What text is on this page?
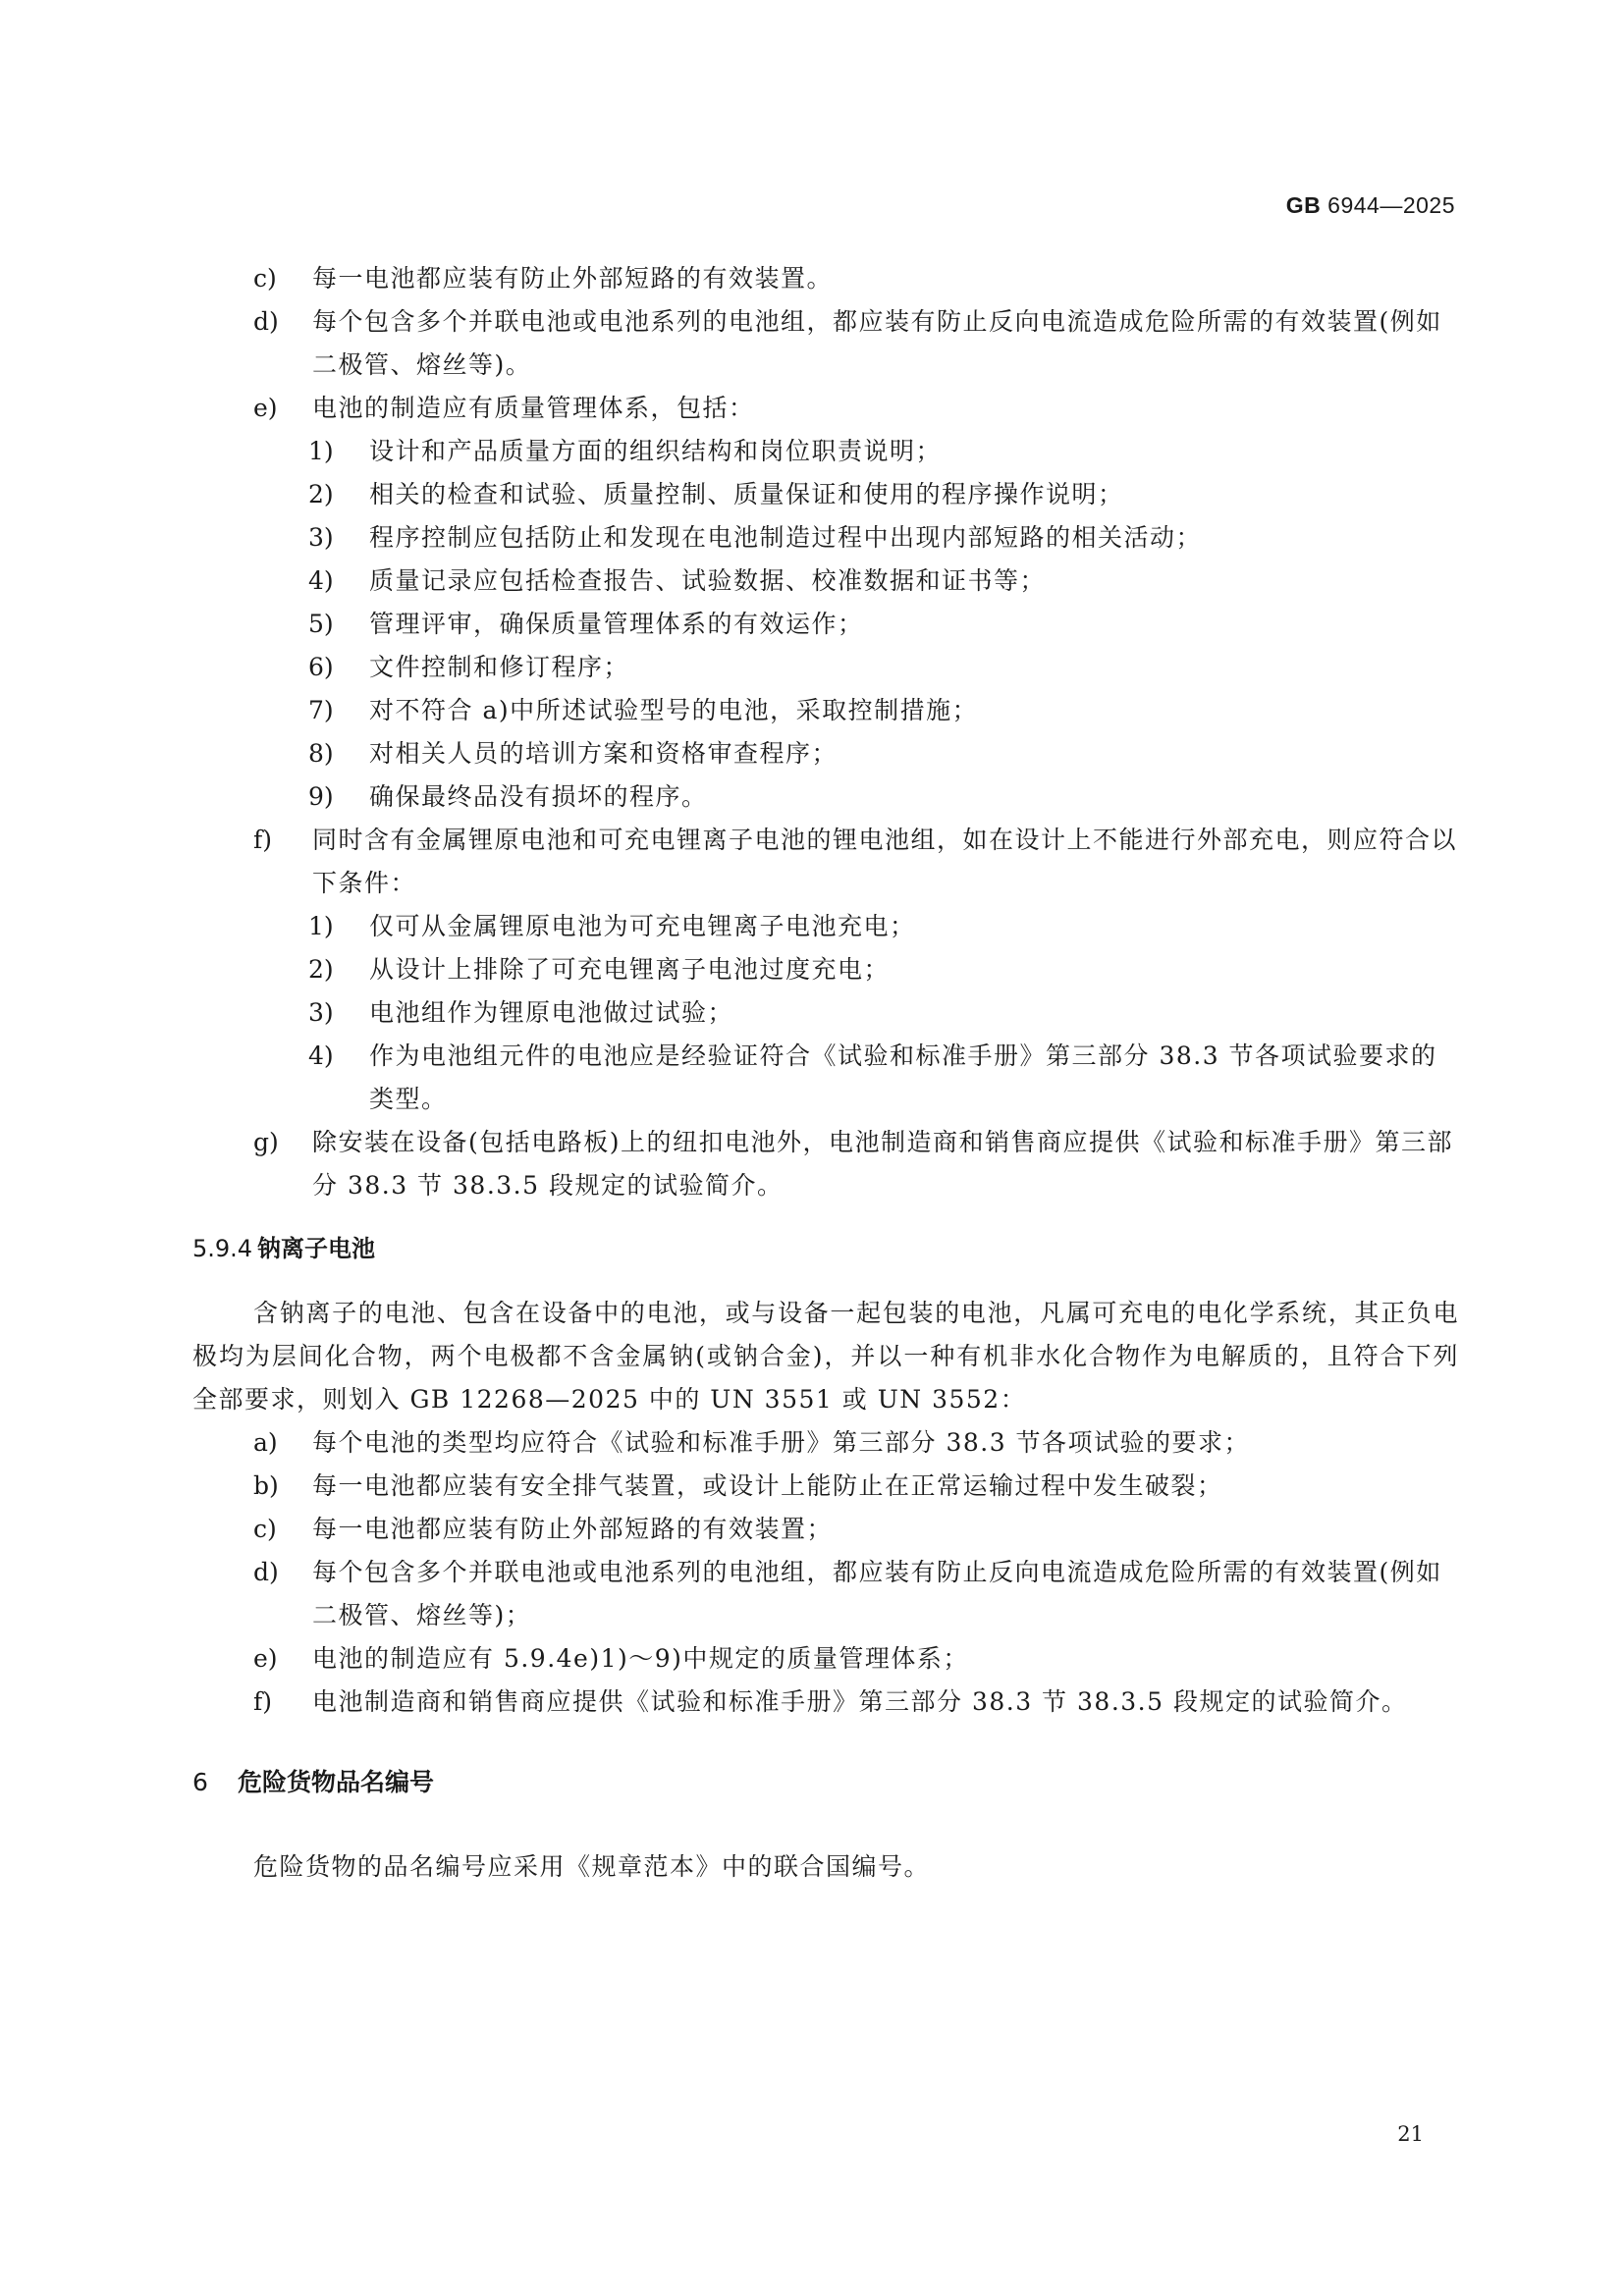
GB 6944—2025
c) 每一电池都应装有防止外部短路的有效装置。
d) 每个包含多个并联电池或电池系列的电池组，都应装有防止反向电流造成危险所需的有效装置(例如二极管、熔丝等)。
e) 电池的制造应有质量管理体系，包括：
1) 设计和产品质量方面的组织结构和岗位职责说明；
2) 相关的检查和试验、质量控制、质量保证和使用的程序操作说明；
3) 程序控制应包括防止和发现在电池制造过程中出现内部短路的相关活动；
4) 质量记录应包括检查报告、试验数据、校准数据和证书等；
5) 管理评审，确保质量管理体系的有效运作；
6) 文件控制和修订程序；
7) 对不符合 a)中所述试验型号的电池，采取控制措施；
8) 对相关人员的培训方案和资格审查程序；
9) 确保最终品没有损坏的程序。
f) 同时含有金属锂原电池和可充电锂离子电池的锂电池组，如在设计上不能进行外部充电，则应符合以下条件：
1) 仅可从金属锂原电池为可充电锂离子电池充电；
2) 从设计上排除了可充电锂离子电池过度充电；
3) 电池组作为锂原电池做过试验；
4) 作为电池组元件的电池应是经验证符合《试验和标准手册》第三部分 38.3 节各项试验要求的类型。
g) 除安装在设备(包括电路板)上的纽扣电池外，电池制造商和销售商应提供《试验和标准手册》第三部分 38.3 节 38.3.5 段规定的试验简介。
5.9.4 钠离子电池
含钠离子的电池、包含在设备中的电池，或与设备一起包装的电池，凡属可充电的电化学系统，其正负电极均为层间化合物，两个电极都不含金属钠(或钠合金)，并以一种有机非水化合物作为电解质的，且符合下列全部要求，则划入 GB 12268—2025 中的 UN 3551 或 UN 3552：
a) 每个电池的类型均应符合《试验和标准手册》第三部分 38.3 节各项试验的要求；
b) 每一电池都应装有安全排气装置，或设计上能防止在正常运输过程中发生破裂；
c) 每一电池都应装有防止外部短路的有效装置；
d) 每个包含多个并联电池或电池系列的电池组，都应装有防止反向电流造成危险所需的有效装置(例如二极管、熔丝等)；
e) 电池的制造应有 5.9.4e)1)～9)中规定的质量管理体系；
f) 电池制造商和销售商应提供《试验和标准手册》第三部分 38.3 节 38.3.5 段规定的试验简介。
6 危险货物品名编号
危险货物的品名编号应采用《规章范本》中的联合国编号。
21
